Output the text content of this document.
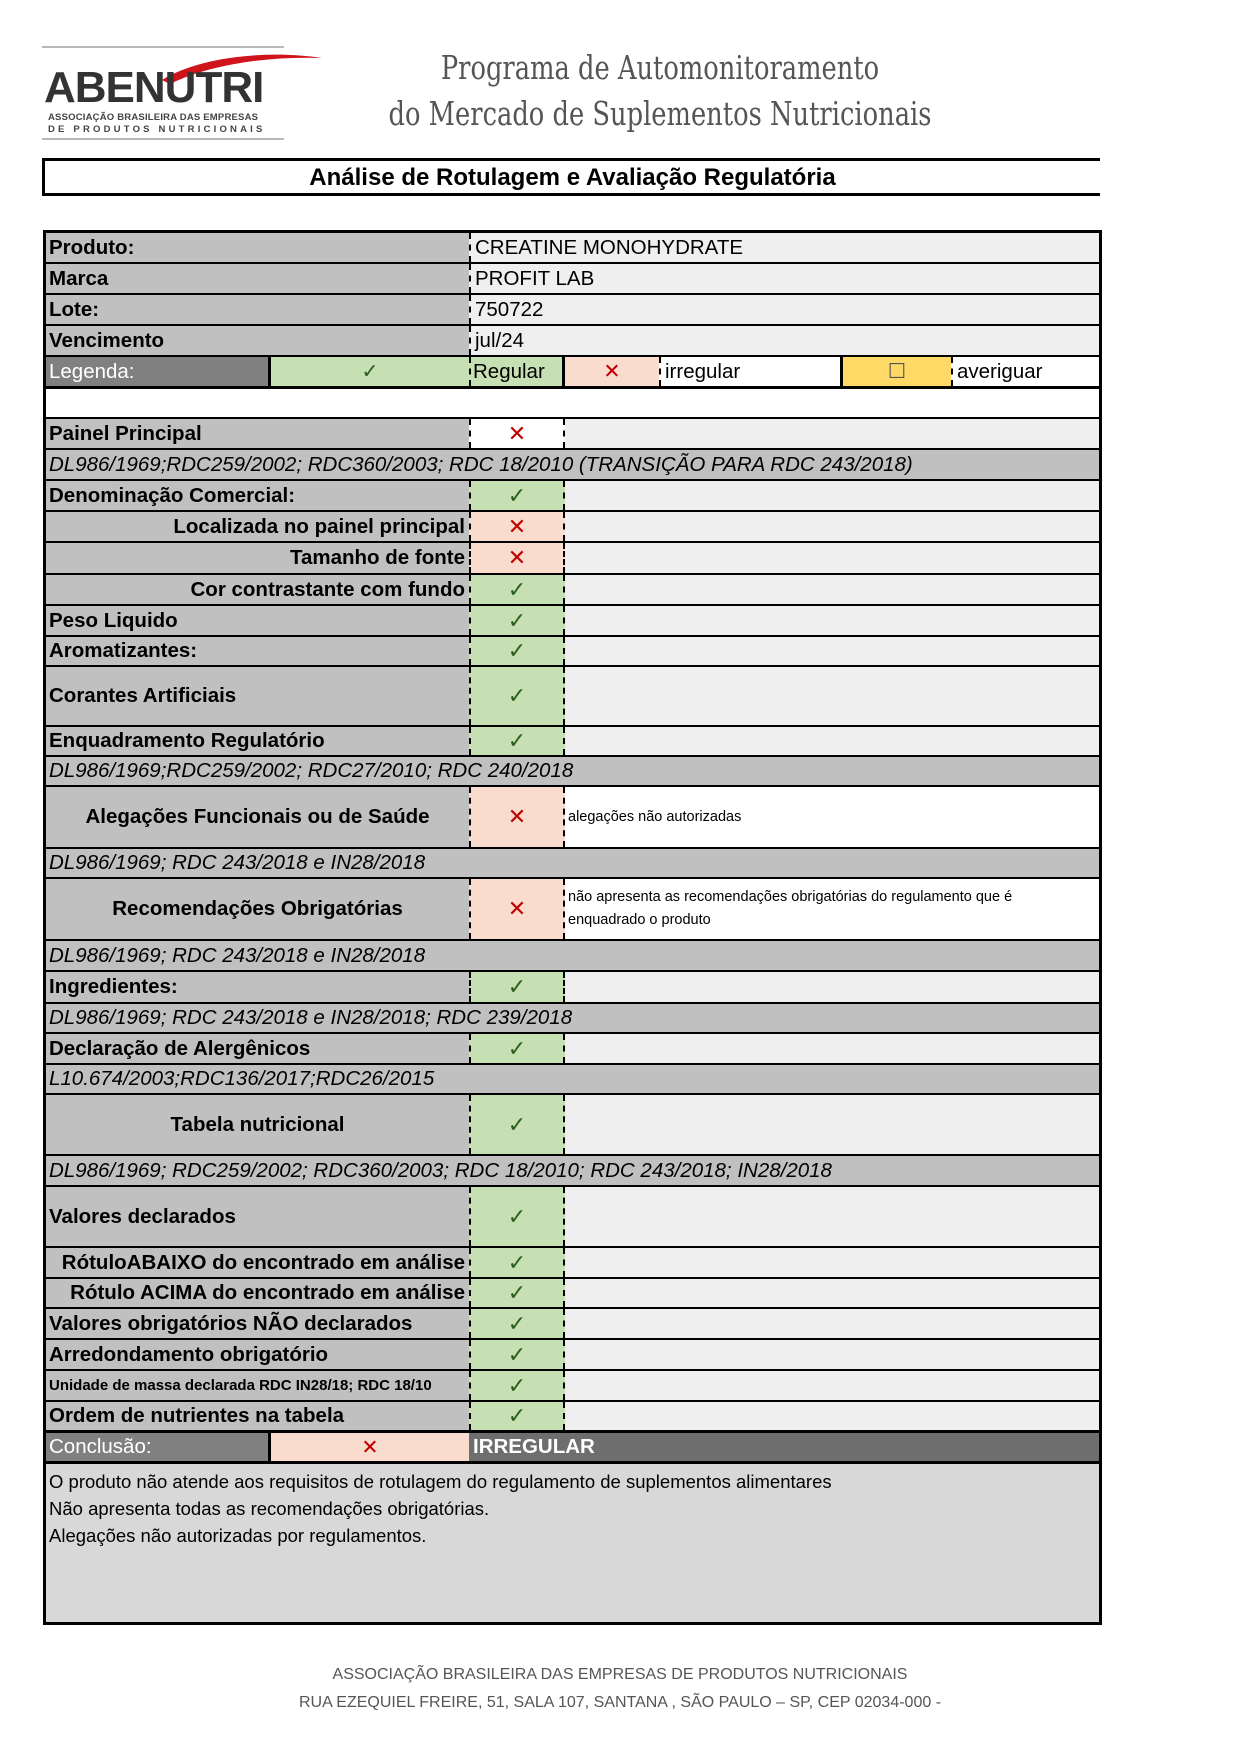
ABENUTRI
ASSOCIAÇÃO BRASILEIRA DAS EMPRESAS
DE PRODUTOS NUTRICIONAIS
Programa de Automonitoramento
do Mercado de Suplementos Nutricionais
Análise de Rotulagem e Avaliação Regulatória
Produto:	CREATINE MONOHYDRATE
Marca	PROFIT LAB
Lote:	750722
Vencimento	jul/24
Legenda:	✓	Regular	✕	irregular	☐	averiguar
Painel Principal	✕
DL986/1969;RDC259/2002; RDC360/2003; RDC 18/2010 (TRANSIÇÃO PARA RDC 243/2018)
Denominação Comercial:	✓
Localizada no painel principal	✕
Tamanho de fonte	✕
Cor contrastante com fundo	✓
Peso Liquido	✓
Aromatizantes:	✓
Corantes Artificiais	✓
Enquadramento Regulatório	✓
DL986/1969;RDC259/2002; RDC27/2010; RDC 240/2018
Alegações Funcionais ou de Saúde	✕	alegações não autorizadas
DL986/1969; RDC 243/2018 e IN28/2018
Recomendações Obrigatórias	✕	não apresenta as recomendações obrigatórias do regulamento que é
enquadrado o produto
DL986/1969; RDC 243/2018 e IN28/2018
Ingredientes:	✓
DL986/1969; RDC 243/2018 e IN28/2018; RDC 239/2018
Declaração de Alergênicos	✓
L10.674/2003;RDC136/2017;RDC26/2015
Tabela nutricional	✓
DL986/1969; RDC259/2002; RDC360/2003; RDC 18/2010; RDC 243/2018; IN28/2018
Valores declarados	✓
RótuloABAIXO do encontrado em análise	✓
Rótulo ACIMA do encontrado em análise	✓
Valores obrigatórios NÃO declarados	✓
Arredondamento obrigatório	✓
Unidade de massa declarada RDC IN28/18; RDC 18/10	✓
Ordem de nutrientes na tabela	✓
Conclusão:	✕	IRREGULAR
O produto não atende aos requisitos de rotulagem do regulamento de suplementos alimentares
Não apresenta todas as recomendações obrigatórias.
Alegações não autorizadas por regulamentos.
ASSOCIAÇÃO BRASILEIRA DAS EMPRESAS DE PRODUTOS NUTRICIONAIS
RUA EZEQUIEL FREIRE, 51, SALA 107, SANTANA , SÃO PAULO – SP, CEP 02034-000 -
